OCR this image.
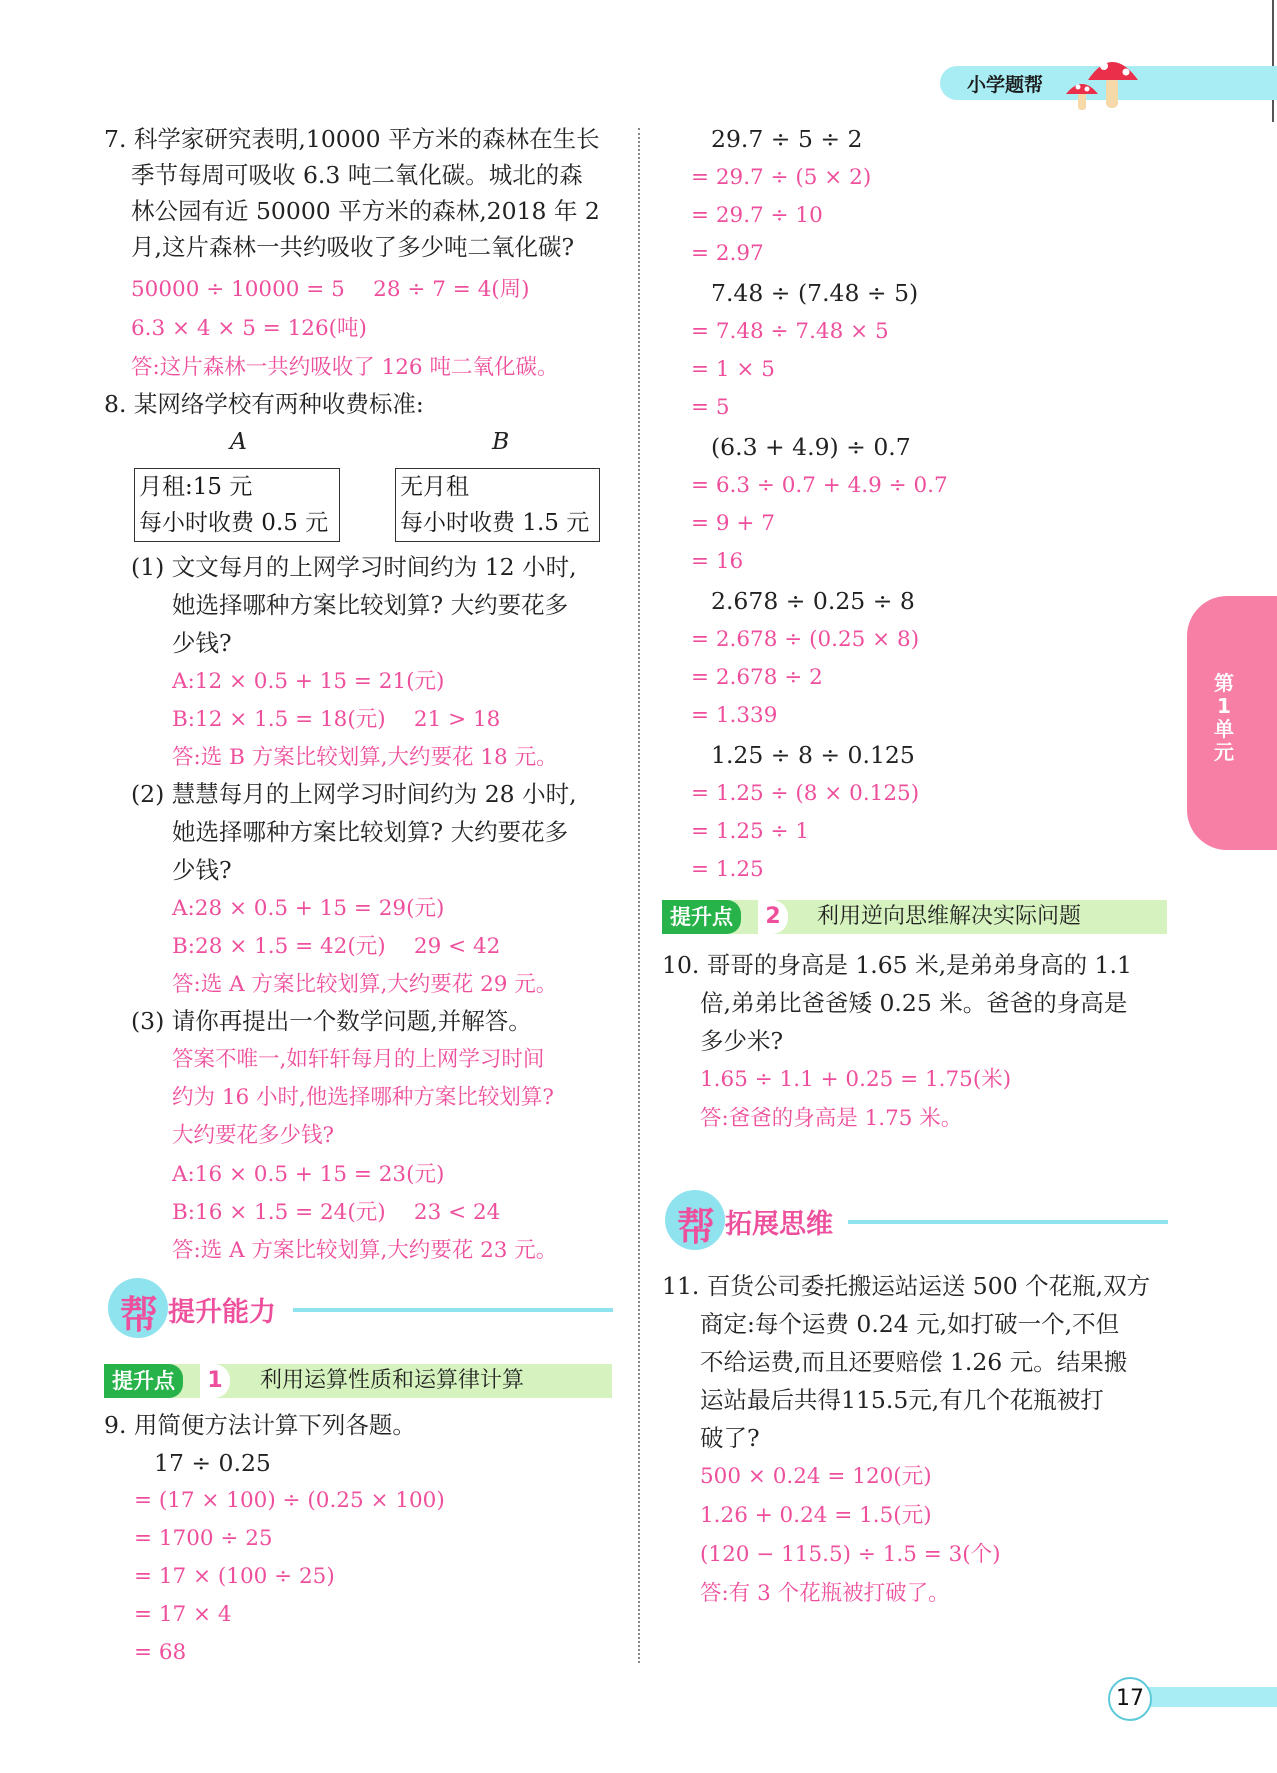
小学题帮
第1单元
7. 科学家研究表明,10000 平方米的森林在生长
季节每周可吸收 6.3 吨二氧化碳。城北的森
林公园有近 50000 平方米的森林,2018 年 2
月,这片森林一共约吸收了多少吨二氧化碳?
50000 ÷ 10000 = 5　 28 ÷ 7 = 4(周)
6.3 × 4 × 5 = 126(吨)
答:这片森林一共约吸收了 126 吨二氧化碳。
8. 某网络学校有两种收费标准:
A	B
月租:15 元
每小时收费 0.5 元
无月租
每小时收费 1.5 元
(1) 文文每月的上网学习时间约为 12 小时,
她选择哪种方案比较划算? 大约要花多
少钱?
A:12 × 0.5 + 15 = 21(元)
B:12 × 1.5 = 18(元)　 21 > 18
答:选 B 方案比较划算,大约要花 18 元。
(2) 慧慧每月的上网学习时间约为 28 小时,
她选择哪种方案比较划算? 大约要花多
少钱?
A:28 × 0.5 + 15 = 29(元)
B:28 × 1.5 = 42(元)　 29 < 42
答:选 A 方案比较划算,大约要花 29 元。
(3) 请你再提出一个数学问题,并解答。
答案不唯一,如轩轩每月的上网学习时间
约为 16 小时,他选择哪种方案比较划算?
大约要花多少钱?
A:16 × 0.5 + 15 = 23(元)
B:16 × 1.5 = 24(元)　 23 < 24
答:选 A 方案比较划算,大约要花 23 元。
帮 提升能力
提升点	1	利用运算性质和运算律计算
9. 用简便方法计算下列各题。
17 ÷ 0.25
= (17 × 100) ÷ (0.25 × 100)
= 1700 ÷ 25
= 17 × (100 ÷ 25)
= 17 × 4
= 68
29.7 ÷ 5 ÷ 2
= 29.7 ÷ (5 × 2)
= 29.7 ÷ 10
= 2.97
7.48 ÷ (7.48 ÷ 5)
= 7.48 ÷ 7.48 × 5
= 1 × 5
= 5
(6.3 + 4.9) ÷ 0.7
= 6.3 ÷ 0.7 + 4.9 ÷ 0.7
= 9 + 7
= 16
2.678 ÷ 0.25 ÷ 8
= 2.678 ÷ (0.25 × 8)
= 2.678 ÷ 2
= 1.339
1.25 ÷ 8 ÷ 0.125
= 1.25 ÷ (8 × 0.125)
= 1.25 ÷ 1
= 1.25
提升点	2	利用逆向思维解决实际问题
10. 哥哥的身高是 1.65 米,是弟弟身高的 1.1
倍,弟弟比爸爸矮 0.25 米。爸爸的身高是
多少米?
1.65 ÷ 1.1 + 0.25 = 1.75(米)
答:爸爸的身高是 1.75 米。
帮 拓展思维
11. 百货公司委托搬运站运送 500 个花瓶,双方
商定:每个运费 0.24 元,如打破一个,不但
不给运费,而且还要赔偿 1.26 元。结果搬
运站最后共得115.5元,有几个花瓶被打
破了?
500 × 0.24 = 120(元)
1.26 + 0.24 = 1.5(元)
(120 − 115.5) ÷ 1.5 = 3(个)
答:有 3 个花瓶被打破了。
17
